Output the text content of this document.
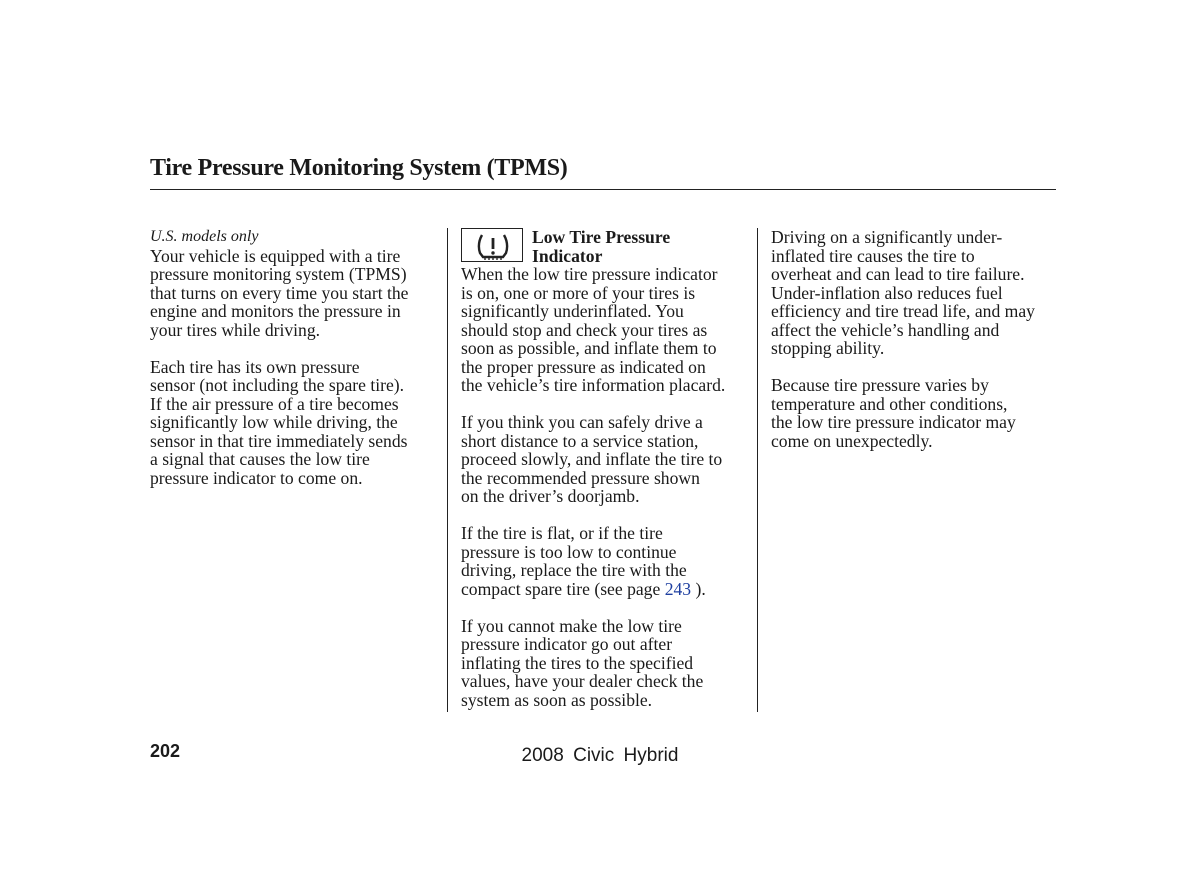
Tire Pressure Monitoring System (TPMS)
U.S. models only

Your vehicle is equipped with a tire
pressure monitoring system (TPMS)
that turns on every time you start the
engine and monitors the pressure in
your tires while driving.

Each tire has its own pressure
sensor (not including the spare tire).
If the air pressure of a tire becomes
significantly low while driving, the
sensor in that tire immediately sends
a signal that causes the low tire
pressure indicator to come on.

Low Tire Pressure
Indicator

When the low tire pressure indicator
is on, one or more of your tires is
significantly underinflated. You
should stop and check your tires as
soon as possible, and inflate them to
the proper pressure as indicated on
the vehicle’s tire information placard.

If you think you can safely drive a
short distance to a service station,
proceed slowly, and inflate the tire to
the recommended pressure shown
on the driver’s doorjamb.

If the tire is flat, or if the tire
pressure is too low to continue
driving, replace the tire with the
compact spare tire (see page 243 ).

If you cannot make the low tire
pressure indicator go out after
inflating the tires to the specified
values, have your dealer check the
system as soon as possible.

Driving on a significantly under-
inflated tire causes the tire to
overheat and can lead to tire failure.
Under-inflation also reduces fuel
efficiency and tire tread life, and may
affect the vehicle’s handling and
stopping ability.

Because tire pressure varies by
temperature and other conditions,
the low tire pressure indicator may
come on unexpectedly.

202	2008 Civic Hybrid
